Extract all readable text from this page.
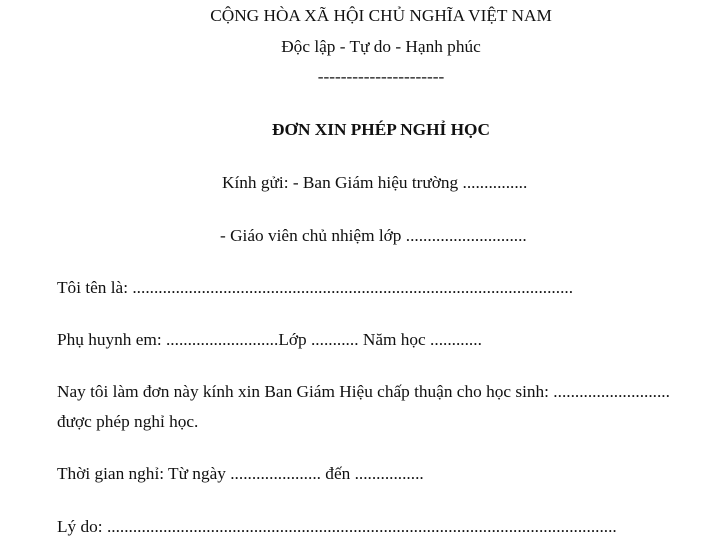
CỘNG HÒA XÃ HỘI CHỦ NGHĨA VIỆT NAM
Độc lập - Tự do - Hạnh phúc
----------------------
ĐƠN XIN PHÉP NGHỈ HỌC
Kính gửi: - Ban Giám hiệu trường ...............
- Giáo viên chủ nhiệm lớp ............................
Tôi tên là: ......................................................................................................
Phụ huynh em: ..........................Lớp ........... Năm học ............
Nay tôi làm đơn này kính xin Ban Giám Hiệu chấp thuận cho học sinh: ...........................
được phép nghỉ học.
Thời gian nghỉ: Từ ngày ..................... đến ................
Lý do: ......................................................................................................................
